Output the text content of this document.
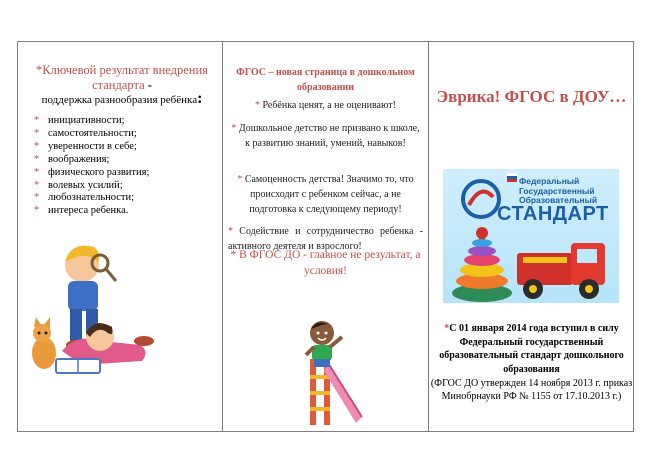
*Ключевой результат внедрения стандарта -
поддержка разнообразия ребёнка:
* инициативности;
* самостоятельности;
* уверенности в себе;
* воображения;
* физического развития;
* волевых усилий;
* любознательности;
* интереса ребенка.
ФГОС – новая страница в дошкольном образовании
* Ребёнка ценят, а не оценивают!
* Дошкольное детство не призвано к школе, к развитию знаний, умений, навыков!
* Самоценность детства! Значимо то, что происходит с ребенком сейчас, а не подготовка к следующему периоду!
* Содействие и сотрудничество ребенка - активного деятеля и взрослого!
* В ФГОС ДО - главное не результат, а условия!
Эврика! ФГОС в ДОУ…
Федеральный
Государственный
Образовательный
СТАНДАРТ
*С 01 января 2014 года вступил в силу Федеральный государственный образовательный стандарт дошкольного образования
(ФГОС ДО утвержден 14 ноября 2013 г. приказ Минобрнауки РФ № 1155 от 17.10.2013 г.)
